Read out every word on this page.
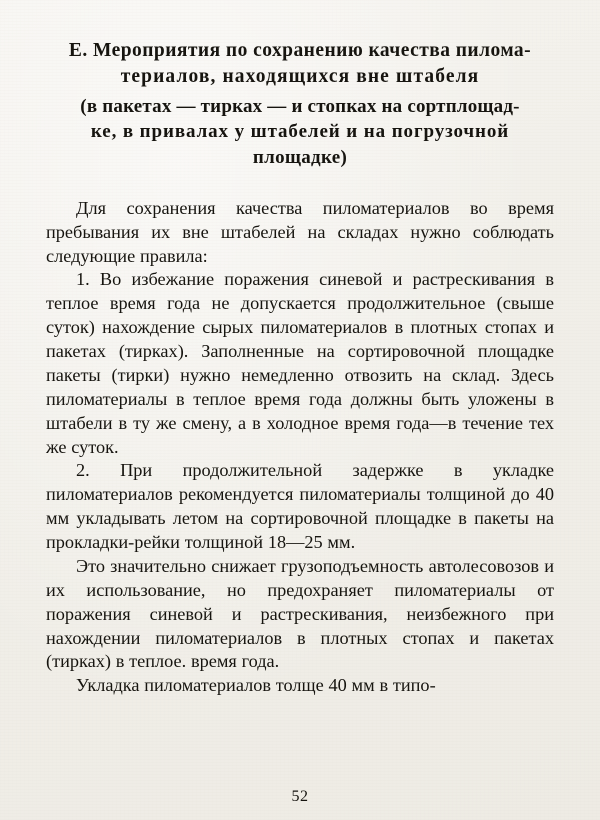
Е. Мероприятия по сохранению качества пилома-
териалов, находящихся вне штабеля
(в пакетах — тирках — и стопках на сортплощад-
ке, в привалах у штабелей и на погрузочной
площадке)

Для сохранения качества пиломатериалов во время пребывания их вне штабелей на складах нужно соблюдать следующие правила:

1. Во избежание поражения синевой и растрескивания в теплое время года не допускается продолжительное (свыше суток) нахождение сырых пиломатериалов в плотных стопах и пакетах (тирках). Заполненные на сортировочной площадке пакеты (тирки) нужно немедленно отвозить на склад. Здесь пиломатериалы в теплое время года должны быть уложены в штабели в ту же смену, а в холодное время года—в течение тех же суток.

2. При продолжительной задержке в укладке пиломатериалов рекомендуется пиломатериалы толщиной до 40 мм укладывать летом на сортировочной площадке в пакеты на прокладки-рейки толщиной 18—25 мм.

Это значительно снижает грузоподъемность автолесовозов и их использование, но предохраняет пиломатериалы от поражения синевой и растрескивания, неизбежного при нахождении пиломатериалов в плотных стопах и пакетах (тирках) в теплое. время года.

Укладка пиломатериалов толще 40 мм в типо-

52
